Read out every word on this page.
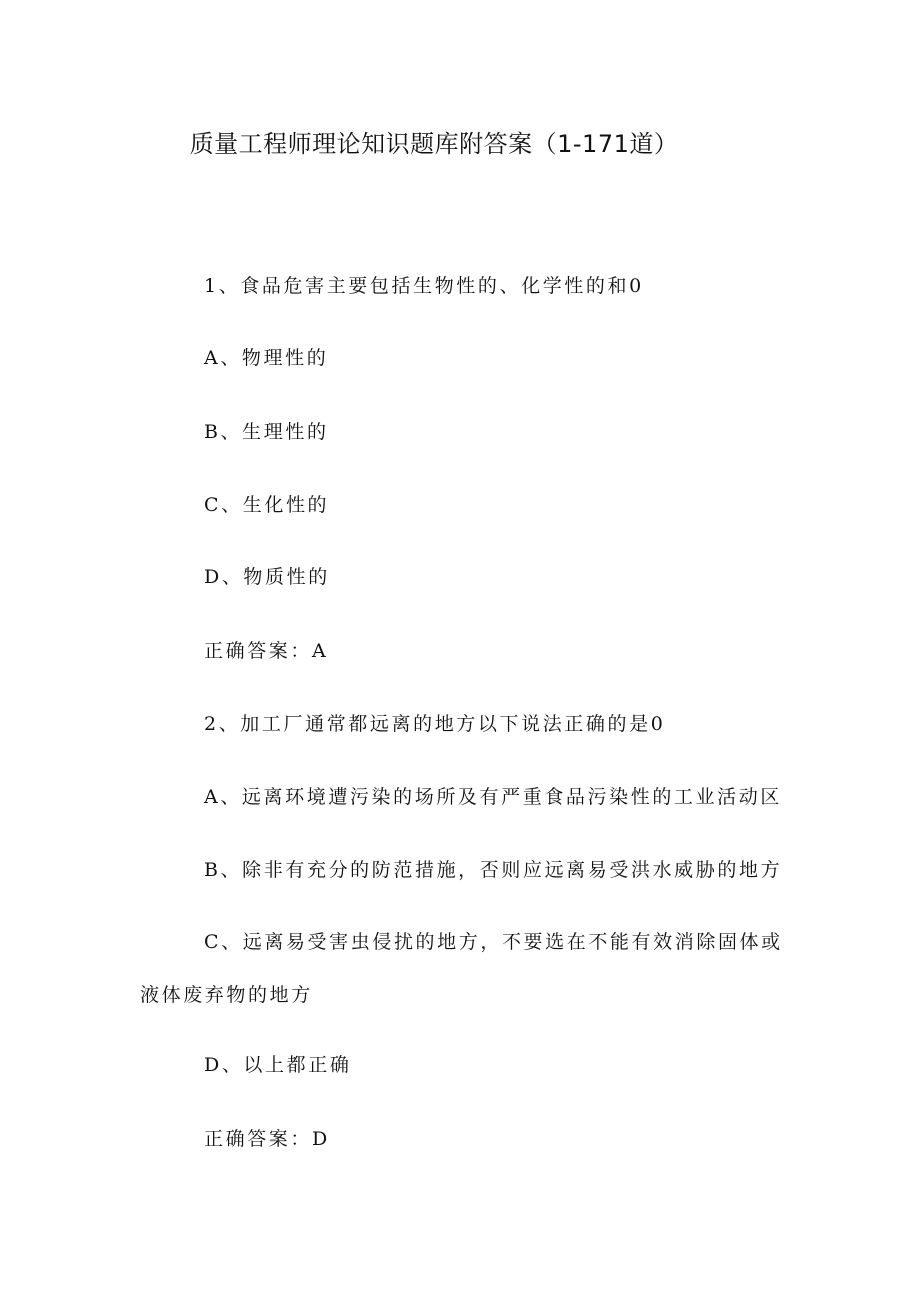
质量工程师理论知识题库附答案（1-171道）

1、食品危害主要包括生物性的、化学性的和0

A、物理性的

B、生理性的

C、生化性的

D、物质性的

正确答案：A

2、加工厂通常都远离的地方以下说法正确的是0

A、远离环境遭污染的场所及有严重食品污染性的工业活动区

B、除非有充分的防范措施，否则应远离易受洪水威胁的地方

C、远离易受害虫侵扰的地方，不要选在不能有效消除固体或

液体废弃物的地方

D、以上都正确

正确答案：D
